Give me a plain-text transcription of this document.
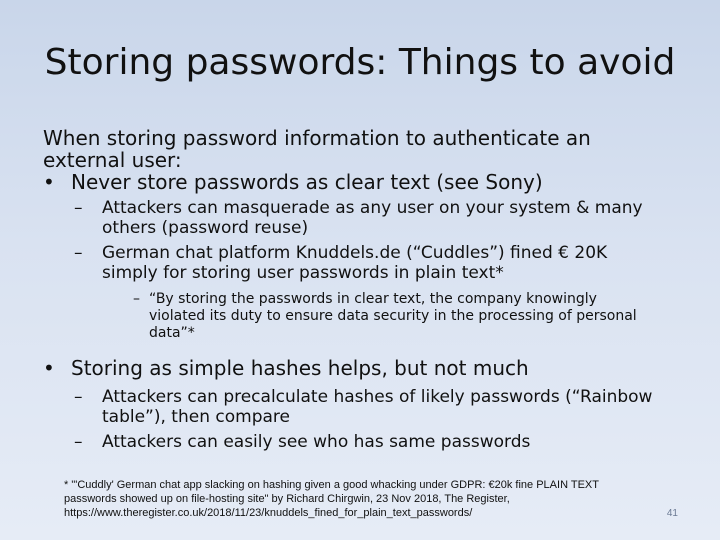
Storing passwords: Things to avoid

When storing password information to authenticate an

external user:

• Never store passwords as clear text (see Sony)
–	Attackers can masquerade as any user on your system & many
others (password reuse)
–	German chat platform Knuddels.de (“Cuddles”) fined € 20K
simply for storing user passwords in plain text*
– “By storing the passwords in clear text, the company knowingly
violated its duty to ensure data security in the processing of personal
data”*
• Storing as simple hashes helps, but not much
–	Attackers can precalculate hashes of likely passwords (“Rainbow
table”), then compare
–	Attackers can easily see who has same passwords
* "'Cuddly' German chat app slacking on hashing given a good whacking under GDPR: €20k fine PLAIN TEXT
passwords showed up on file-hosting site" by Richard Chirgwin, 23 Nov 2018, The Register,
https://www.theregister.co.uk/2018/11/23/knuddels_fined_for_plain_text_passwords/	41
